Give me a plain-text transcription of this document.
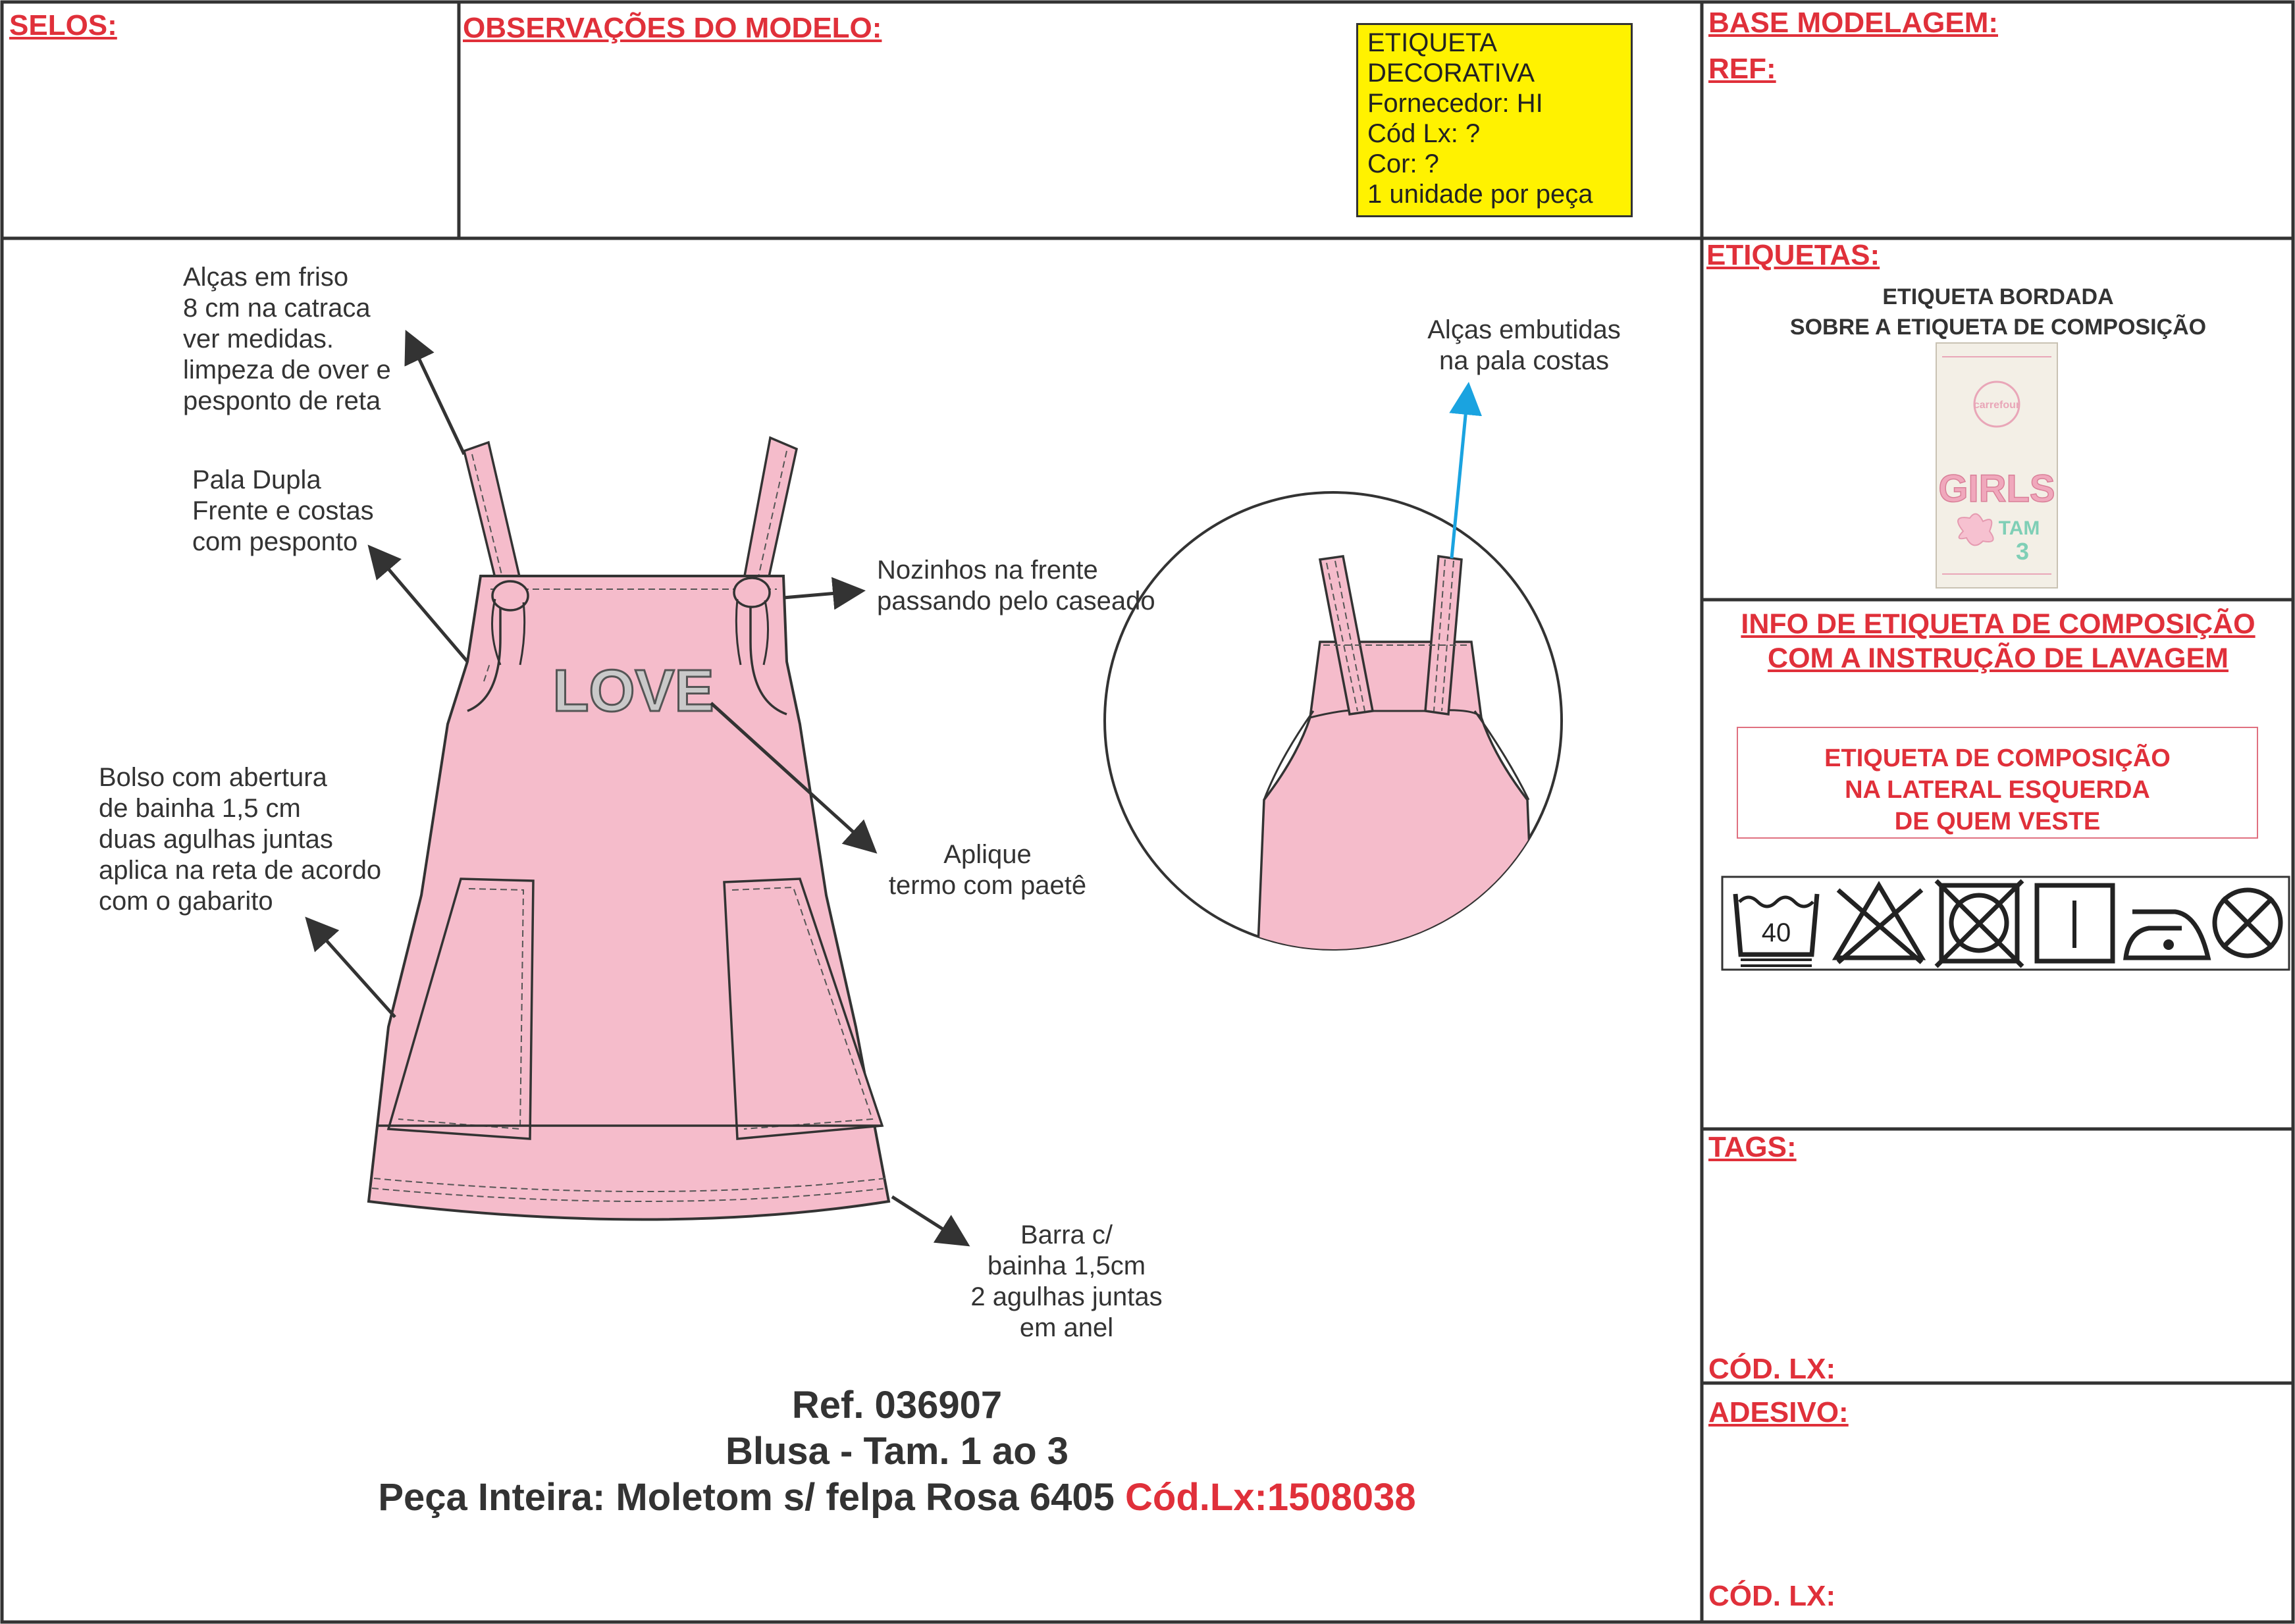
SELOS:	OBSERVAÇÕES DO MODELO:	ETIQUETA
DECORATIVA
Fornecedor: HI
Cód Lx: ?
Cor: ?
1 unidade por peça
BASE MODELAGEM:
REF:
LOVE
Alças em friso
8 cm na catraca
ver medidas.
limpeza de over e
pesponto de reta
Pala Dupla
Frente e costas
com pesponto
Bolso com abertura
de bainha 1,5 cm
duas agulhas juntas
aplica na reta de acordo
com o gabarito
Nozinhos na frente
passando pelo caseado
Aplique
termo com paetê
Barra c/
bainha 1,5cm
2 agulhas juntas
em anel
Alças embutidas
na pala costas
Ref. 036907
Blusa - Tam. 1 ao 3
Peça Inteira: Moletom s/ felpa Rosa 6405 Cód.Lx:1508038
ETIQUETAS:
ETIQUETA BORDADA
SOBRE A ETIQUETA DE COMPOSIÇÃO
carrefour
GIRLS
TAM
3
INFO DE ETIQUETA DE COMPOSIÇÃO
COM A INSTRUÇÃO DE LAVAGEM
ETIQUETA DE COMPOSIÇÃO
NA LATERAL ESQUERDA
DE QUEM VESTE
40
TAGS:
CÓD. LX:
ADESIVO:
CÓD. LX:
